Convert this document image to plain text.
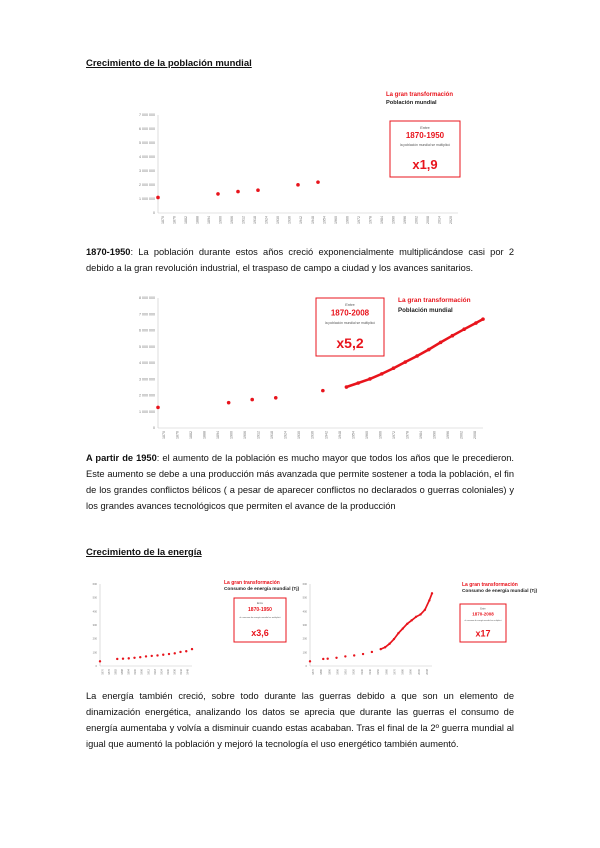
Crecimiento de la población mundial
7 000 000
6 000 000
5 000 000
4 000 000
3 000 000
2 000 000
1 000 000
0
1870 1876 1882 1888 1894 1900 1906 1912 1918 1924 1930 1936 1942 1948 1954 1960 1966 1972 1978 1984 1990 1996 2002 2008 2014 2020
La gran transformación
Población mundial
Entre
1870-1950
la población mundial se multiplicó
x1,9
1870-1950: La población durante estos años creció exponencialmente multiplicándose casi por 2 debido a la gran revolución industrial, el traspaso de campo a ciudad y los avances sanitarios.
8 000 000
7 000 000
6 000 000
5 000 000
4 000 000
3 000 000
2 000 000
1 000 000
0
1870	1876	1882	1888	1894	1900	1906	1912	1918	1924	1930	1936	1942	1948	1954	1960	1966	1972	1978	1984	1990	1996	2002	2008
La gran transformación
Población mundial
Entre
1870-2008
la población mundial se multiplicó
x5,2
A partir de 1950: el aumento de la población es mucho mayor que todos los años que le precedieron. Este aumento se debe a una producción más avanzada que permite sostener a toda la población, el fin de los grandes conflictos bélicos ( a pesar de aparecer conflictos no declarados o guerras coloniales) y los grandes avances tecnológicos que permiten el avance de la producción
Crecimiento de la energía
600
500
400
300
200
100
0
1870	1876	1882	1888	1894	1900	1906	1912	1918	1924	1930	1936	1942	1948
La gran transformación
Consumo de energía mundial (Tj)
Entre
1870-1950
el consumo de energía mundial se multiplicó
x3,6
600
500
400
300
200
100
0
1870	1880	1890	1900	1910	1920	1930	1940	1950	1960	1970	1980	1990	2000	2008
La gran transformación
Consumo de energía mundial (Tj)
Entre
1870-2008
el consumo de energía mundial se multiplicó
x17
La energía también creció, sobre todo durante las guerras debido a que son un elemento de dinamización energética, analizando los datos se aprecia que durante las guerras el consumo de energía aumentaba y volvía a disminuir cuando estas acababan. Tras el final de la 2º guerra mundial al igual que aumentó la población y mejoró la tecnología el uso energético también aumentó.
